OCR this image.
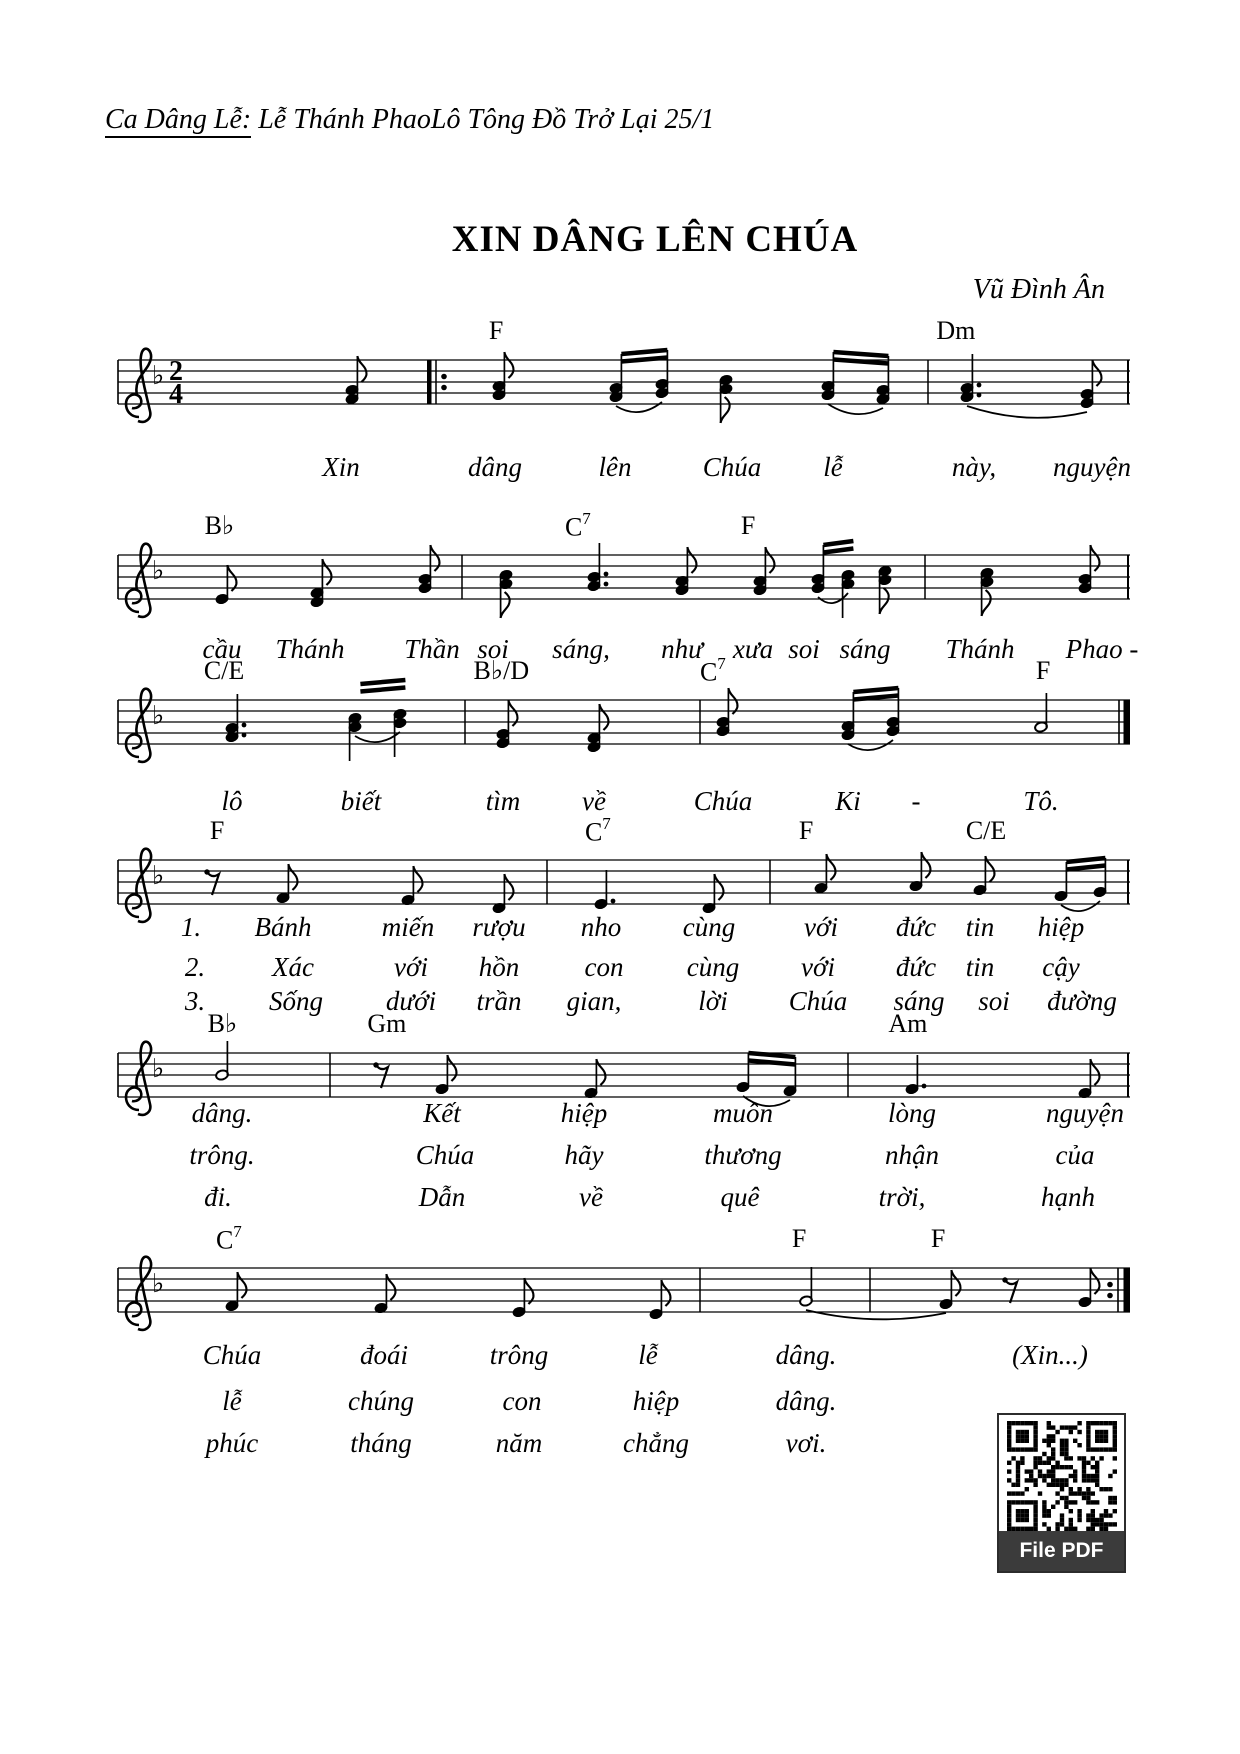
Ca Dâng Lễ: Lễ Thánh PhaoLô Tông Đồ Trở Lại 25/1
XIN DÂNG LÊN CHÚA
Vũ Đình Ân
♭ 2
4
♭
♭
♭
♭
♭
Xin	dâng	lên	Chúa lễ	này, nguyện
cầu Thánh Thần soi sáng, như xưa soi sáng Thánh Phao -
lô	biết	tìm về	Chúa	Ki -	Tô.
1. Bánh	miến rượu nho cùng	với đức tin hiệp
2. Xác	với hồn con cùng với đức tin cậy
3. Sống dưới trần gian,	lời Chúa sáng soi đường
dâng.	Kết	hiệp	muôn	lòng	nguyện
trông.	Chúa	hãy	thương	nhận	của
đi.	Dẫn	về	quê	trời,	hạnh
Chúa	đoái	trông	lễ	dâng.	(Xin...)
lễ	chúng	con	hiệp	dâng.
phúc	tháng	năm	chẳng	vơi.
File PDF
F	Dm
B♭	$C^7$	F
C/E	B♭/D	$C^7$	F
F	$C^7$	F	C/E
B♭	Gm	Am
$C^7$	F	F
